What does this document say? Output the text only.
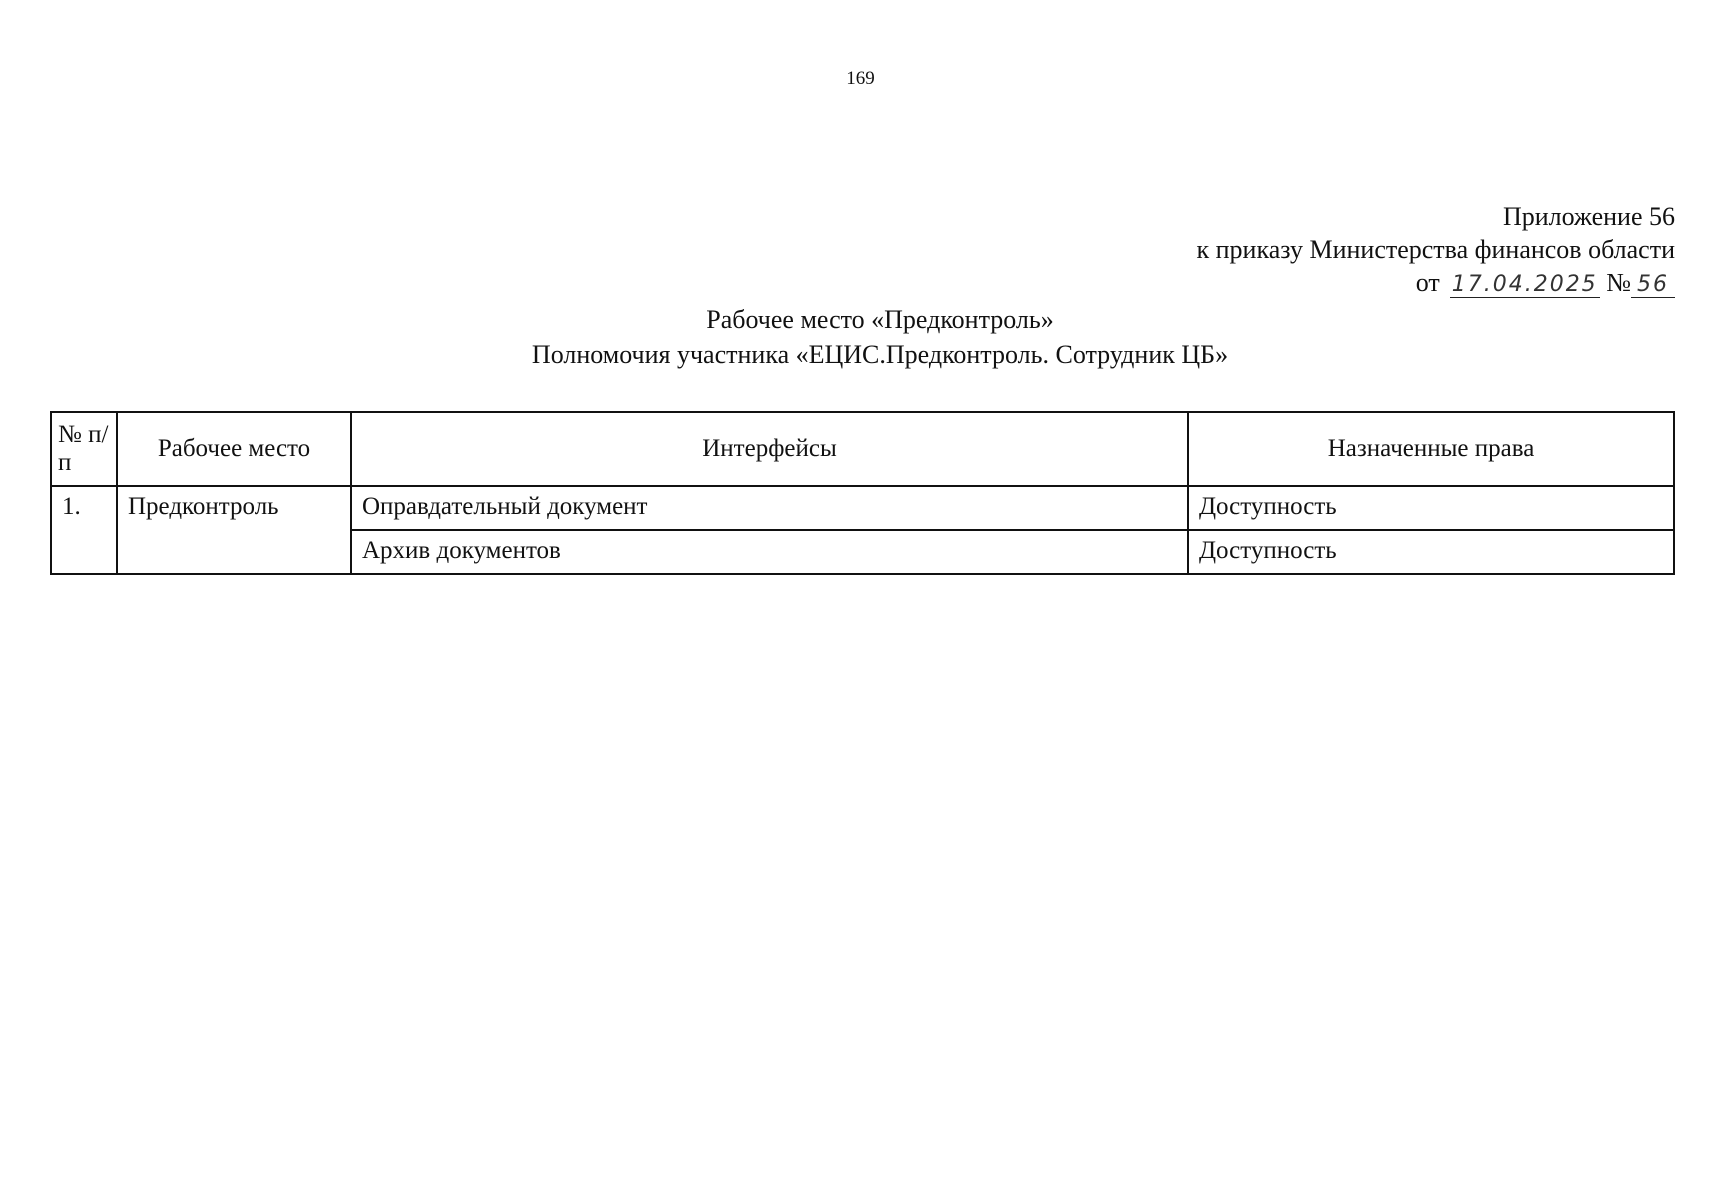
169
Приложение 56
к приказу Министерства финансов области
от 17.04.2025 № 56
Рабочее место «Предконтроль»
Полномочия участника «ЕЦИС.Предконтроль. Сотрудник ЦБ»
№ п/п	Рабочее место	Интерфейсы	Назначенные права
1.	Предконтроль	Оправдательный документ	Доступность
		Архив документов	Доступность
